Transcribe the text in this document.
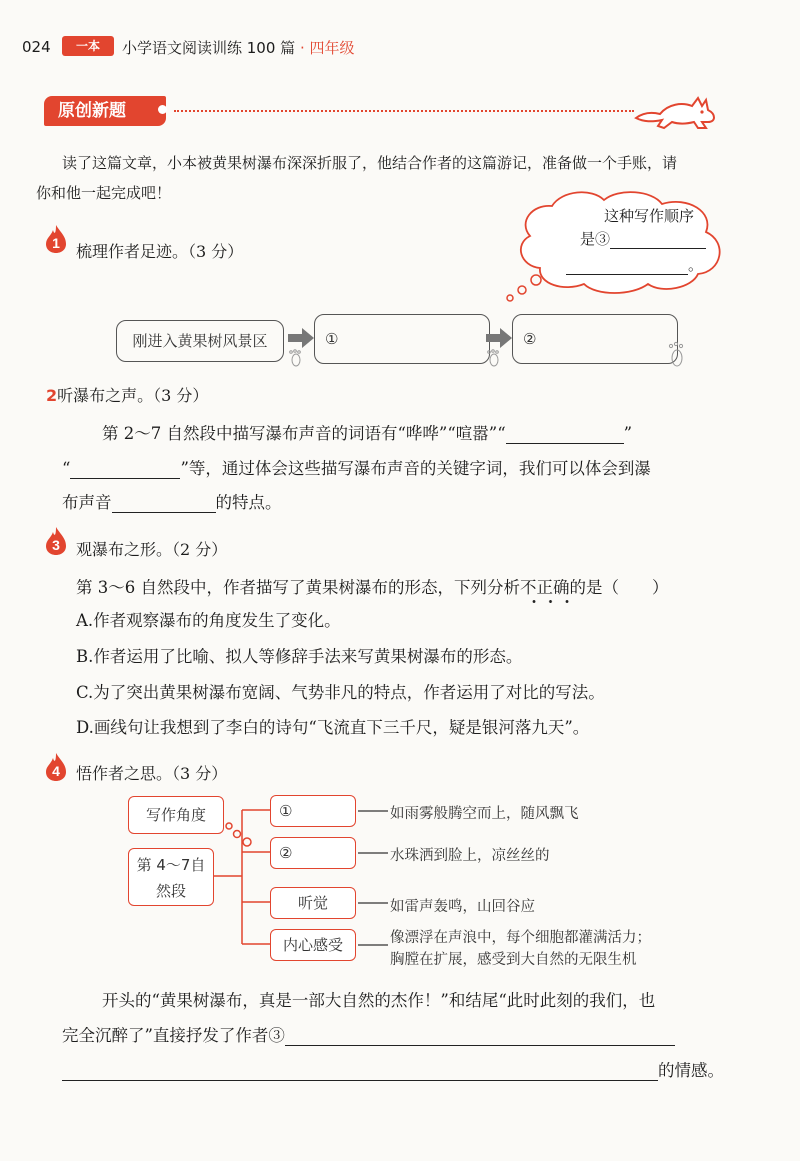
024	一本	小学语文阅读训练 100 篇 · 四年级
原创新题
读了这篇文章，小本被黄果树瀑布深深折服了，他结合作者的这篇游记，准备做一个手账，请
你和他一起完成吧！
这种写作顺序
是③
。
1 梳理作者足迹。（3 分）
刚进入黄果树风景区	①	②
2听瀑布之声。（3 分）
第 2～7 自然段中描写瀑布声音的词语有“哗哗”“喧嚣”“	”
“	”等，通过体会这些描写瀑布声音的关键字词，我们可以体会到瀑
布声音	的特点。
3 观瀑布之形。（2 分）
第 3～6 自然段中，作者描写了黄果树瀑布的形态，下列分析不正确的是（　　）
A.作者观察瀑布的角度发生了变化。
B.作者运用了比喻、拟人等修辞手法来写黄果树瀑布的形态。
C.为了突出黄果树瀑布宽阔、气势非凡的特点，作者运用了对比的写法。
D.画线句让我想到了李白的诗句“飞流直下三千尺，疑是银河落九天”。
4 悟作者之思。（3 分）
写作角度
第 4～7自然段
①
②
听觉
内心感受
如雨雾般腾空而上，随风飘飞
水珠洒到脸上，凉丝丝的
如雷声轰鸣，山回谷应
像漂浮在声浪中，每个细胞都灌满活力；
胸膛在扩展，感受到大自然的无限生机
开头的“黄果树瀑布，真是一部大自然的杰作！”和结尾“此时此刻的我们，也
完全沉醉了”直接抒发了作者③
的情感。
